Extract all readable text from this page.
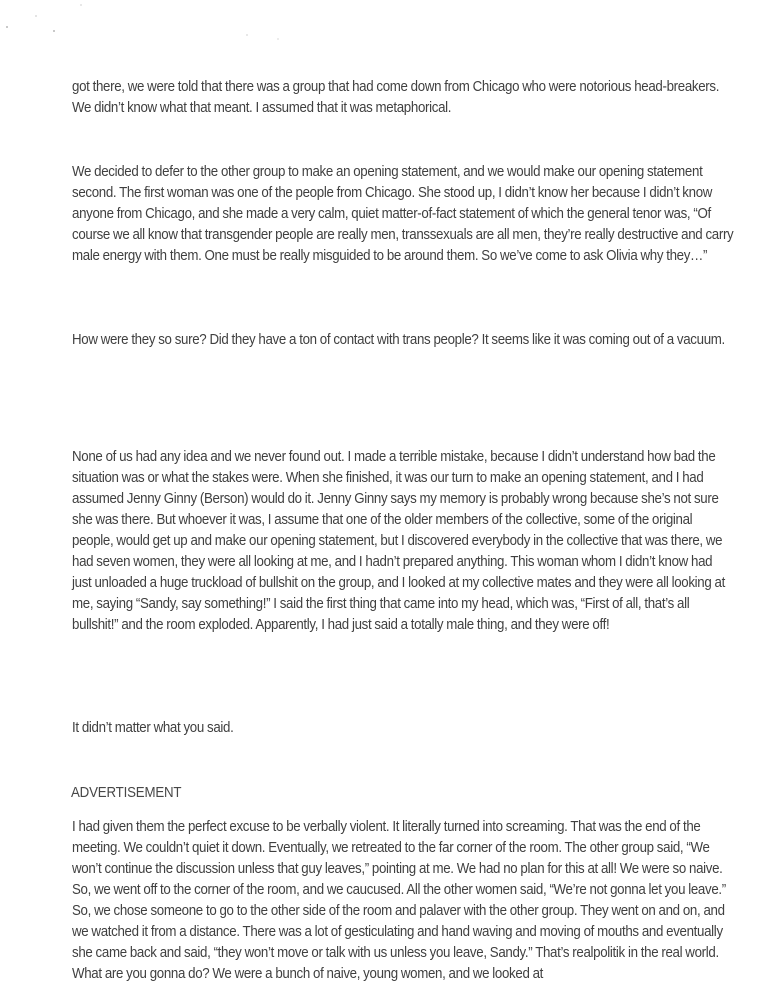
got there, we were told that there was a group that had come down from Chicago who were notorious head-breakers. We didn’t know what that meant. I assumed that it was metaphorical.

We decided to defer to the other group to make an opening statement, and we would make our opening statement second. The first woman was one of the people from Chicago. She stood up, I didn’t know her because I didn’t know anyone from Chicago, and she made a very calm, quiet matter-of-fact statement of which the general tenor was, “Of course we all know that transgender people are really men, transsexuals are all men, they’re really destructive and carry male energy with them. One must be really misguided to be around them. So we’ve come to ask Olivia why they…”

How were they so sure? Did they have a ton of contact with trans people? It seems like it was coming out of a vacuum.

None of us had any idea and we never found out. I made a terrible mistake, because I didn’t understand how bad the situation was or what the stakes were. When she finished, it was our turn to make an opening statement, and I had assumed Jenny Ginny (Berson) would do it. Jenny Ginny says my memory is probably wrong because she’s not sure she was there. But whoever it was, I assume that one of the older members of the collective, some of the original people, would get up and make our opening statement, but I discovered everybody in the collective that was there, we had seven women, they were all looking at me, and I hadn’t prepared anything. This woman whom I didn’t know had just unloaded a huge truckload of bullshit on the group, and I looked at my collective mates and they were all looking at me, saying “Sandy, say something!” I said the first thing that came into my head, which was, “First of all, that’s all bullshit!” and the room exploded. Apparently, I had just said a totally male thing, and they were off!

It didn’t matter what you said.

ADVERTISEMENT

I had given them the perfect excuse to be verbally violent. It literally turned into screaming. That was the end of the meeting. We couldn’t quiet it down. Eventually, we retreated to the far corner of the room. The other group said, “We won’t continue the discussion unless that guy leaves,” pointing at me. We had no plan for this at all! We were so naive. So, we went off to the corner of the room, and we caucused. All the other women said, “We’re not gonna let you leave.” So, we chose someone to go to the other side of the room and palaver with the other group. They went on and on, and we watched it from a distance. There was a lot of gesticulating and hand waving and moving of mouths and eventually she came back and said, “they won’t move or talk with us unless you leave, Sandy.” That’s realpolitik in the real world. What are you gonna do? We were a bunch of naive, young women, and we looked at
